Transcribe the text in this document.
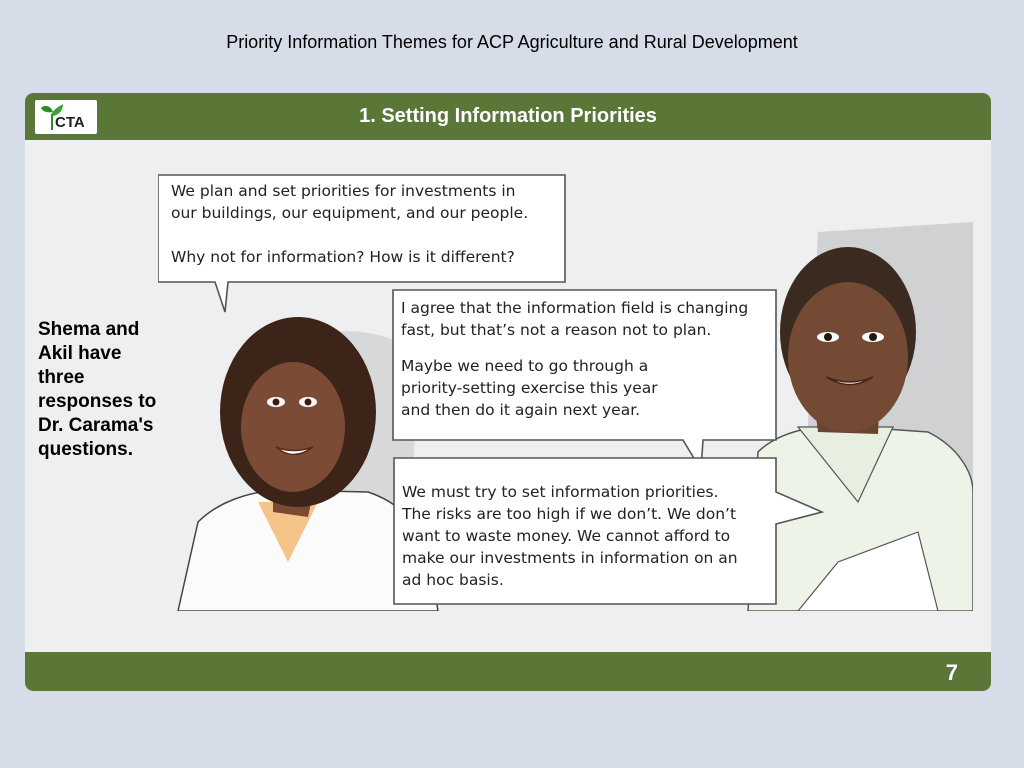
Priority Information Themes for ACP Agriculture and Rural Development
CTA	1. Setting Information Priorities
Shema and Akil have three responses to Dr. Carama's questions.
We plan and set priorities for investments in
our buildings, our equipment, and our people.
Why not for information? How is it different?
I agree that the information field is changing
fast, but that’s not a reason not to plan.
Maybe we need to go through a
priority-setting exercise this year
and then do it again next year.
We must try to set information priorities.
The risks are too high if we don’t. We don’t
want to waste money. We cannot afford to
make our investments in information on an
ad hoc basis.
7
